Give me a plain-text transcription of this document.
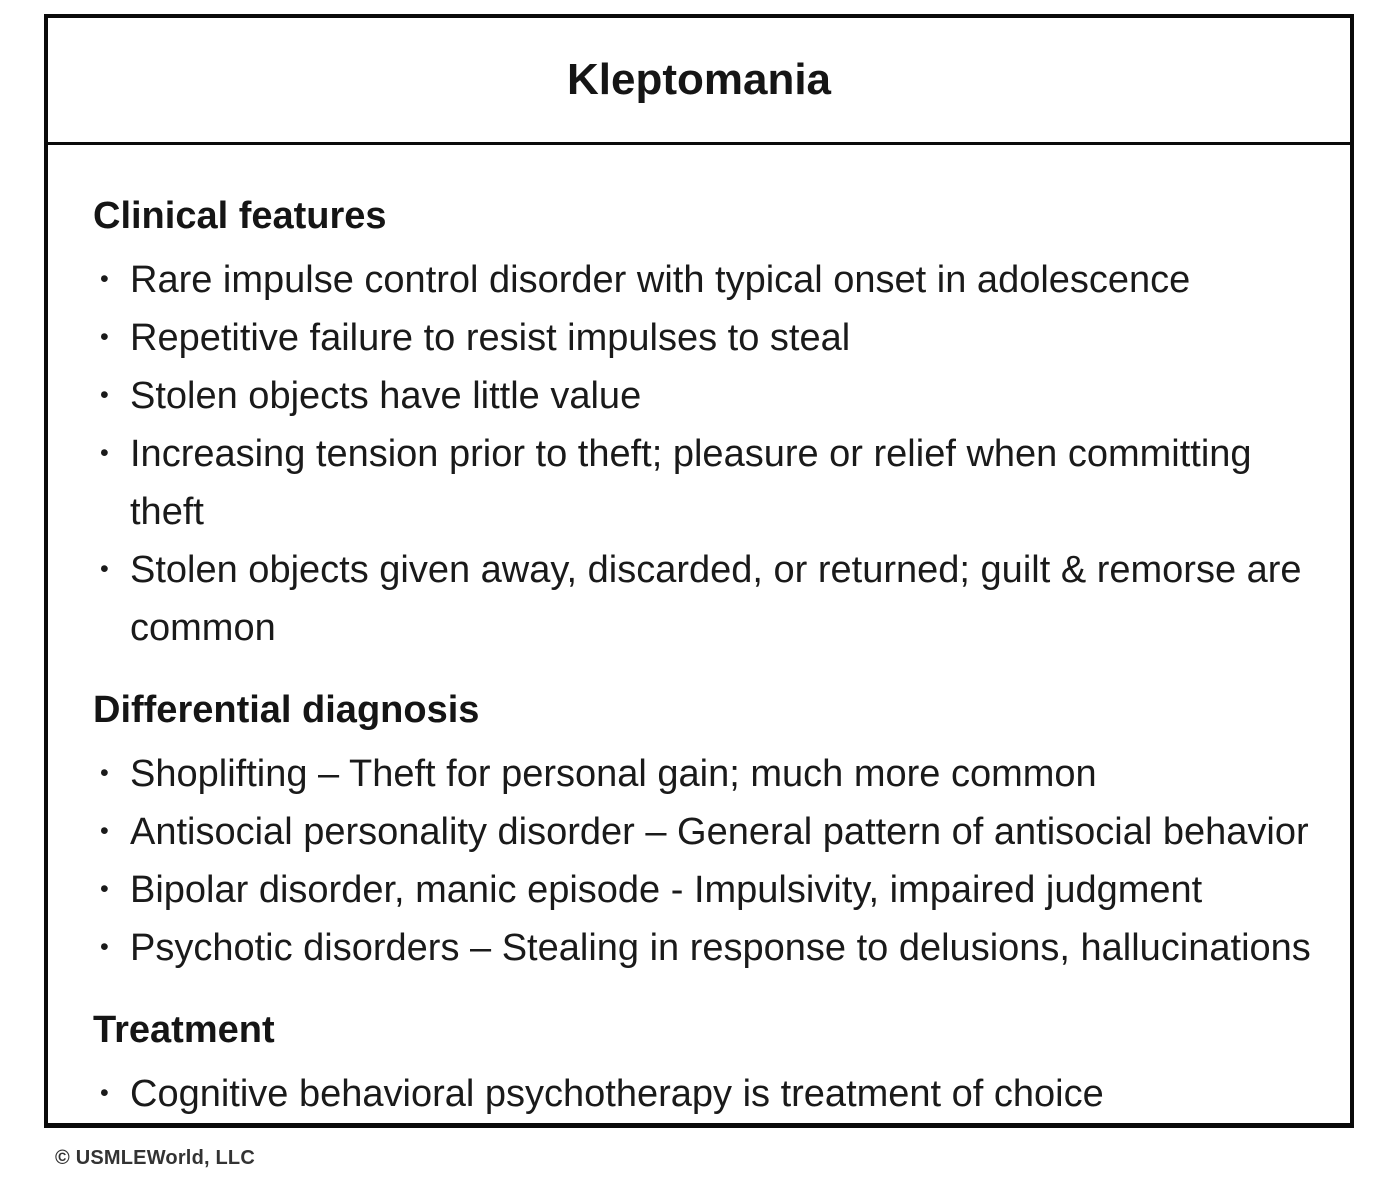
Kleptomania
Clinical features
• Rare impulse control disorder with typical onset in adolescence
• Repetitive failure to resist impulses to steal
• Stolen objects have little value
• Increasing tension prior to theft; pleasure or relief when committing theft
• Stolen objects given away, discarded, or returned; guilt & remorse are common
Differential diagnosis
• Shoplifting – Theft for personal gain; much more common
• Antisocial personality disorder – General pattern of antisocial behavior
• Bipolar disorder, manic episode - Impulsivity, impaired judgment
• Psychotic disorders – Stealing in response to delusions, hallucinations
Treatment
• Cognitive behavioral psychotherapy is treatment of choice
© USMLEWorld, LLC
